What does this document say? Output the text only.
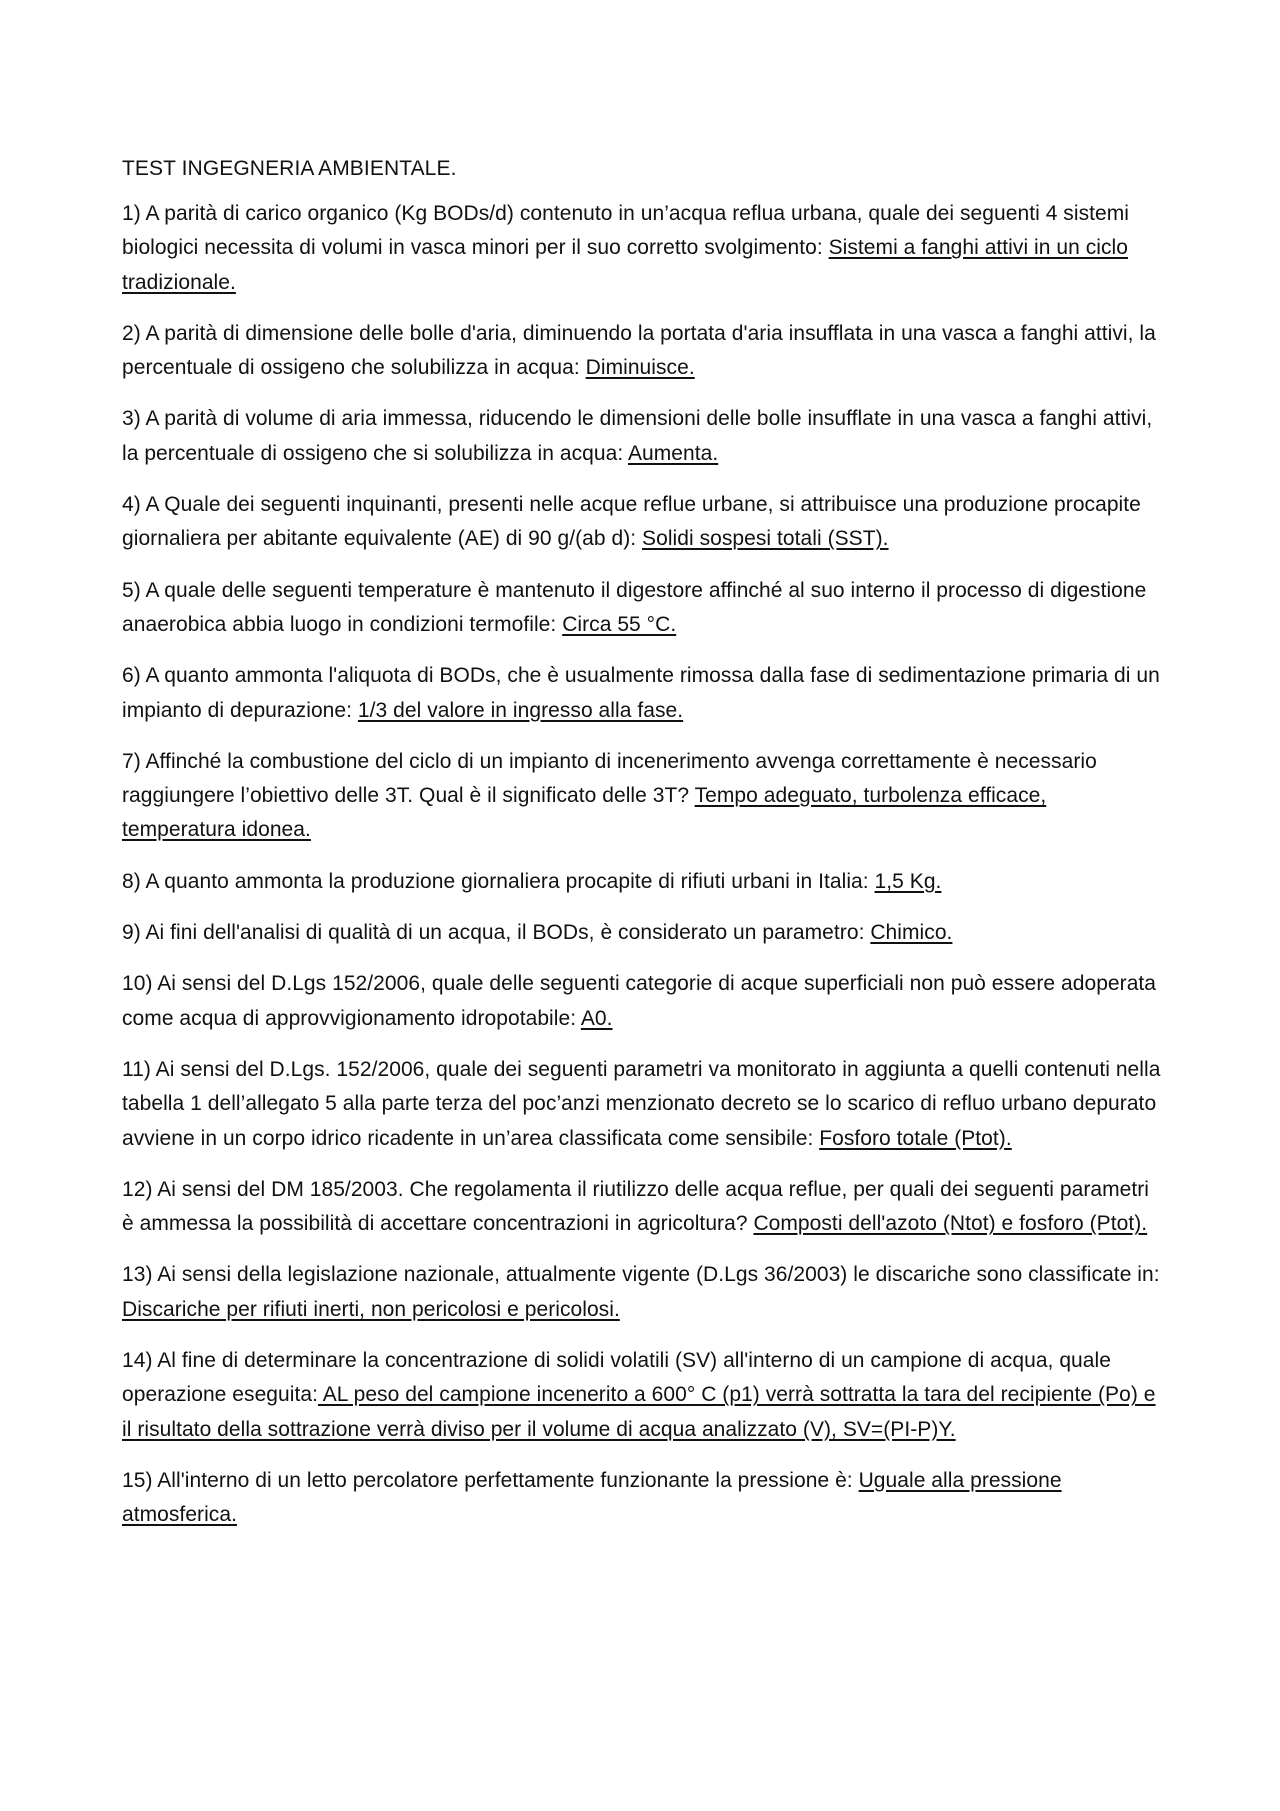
TEST INGEGNERIA AMBIENTALE.

1) A parità di carico organico (Kg BODs/d) contenuto in un’acqua reflua urbana, quale dei seguenti 4 sistemi biologici necessita di volumi in vasca minori per il suo corretto svolgimento: Sistemi a fanghi attivi in un ciclo tradizionale.

2) A parità di dimensione delle bolle d'aria, diminuendo la portata d'aria insufflata in una vasca a fanghi attivi, la percentuale di ossigeno che solubilizza in acqua: Diminuisce.

3) A parità di volume di aria immessa, riducendo le dimensioni delle bolle insufflate in una vasca a fanghi attivi, la percentuale di ossigeno che si solubilizza in acqua: Aumenta.

4) A Quale dei seguenti inquinanti, presenti nelle acque reflue urbane, si attribuisce una produzione procapite giornaliera per abitante equivalente (AE) di 90 g/(ab d): Solidi sospesi totali (SST).

5) A quale delle seguenti temperature è mantenuto il digestore affinché al suo interno il processo di digestione anaerobica abbia luogo in condizioni termofile: Circa 55 °C.

6) A quanto ammonta l'aliquota di BODs, che è usualmente rimossa dalla fase di sedimentazione primaria di un impianto di depurazione: 1/3 del valore in ingresso alla fase.

7) Affinché la combustione del ciclo di un impianto di incenerimento avvenga correttamente è necessario raggiungere l’obiettivo delle 3T. Qual è il significato delle 3T? Tempo adeguato, turbolenza efficace, temperatura idonea.

8) A quanto ammonta la produzione giornaliera procapite di rifiuti urbani in Italia: 1,5 Kg.

9) Ai fini dell'analisi di qualità di un acqua, il BODs, è considerato un parametro: Chimico.

10) Ai sensi del D.Lgs 152/2006, quale delle seguenti categorie di acque superficiali non può essere adoperata come acqua di approvvigionamento idropotabile: A0.

11) Ai sensi del D.Lgs. 152/2006, quale dei seguenti parametri va monitorato in aggiunta a quelli contenuti nella tabella 1 dell’allegato 5 alla parte terza del poc’anzi menzionato decreto se lo scarico di refluo urbano depurato avviene in un corpo idrico ricadente in un’area classificata come sensibile: Fosforo totale (Ptot).

12) Ai sensi del DM 185/2003. Che regolamenta il riutilizzo delle acqua reflue, per quali dei seguenti parametri è ammessa la possibilità di accettare concentrazioni in agricoltura? Composti dell'azoto (Ntot) e fosforo (Ptot).

13) Ai sensi della legislazione nazionale, attualmente vigente (D.Lgs 36/2003) le discariche sono classificate in: Discariche per rifiuti inerti, non pericolosi e pericolosi.

14) Al fine di determinare la concentrazione di solidi volatili (SV) all'interno di un campione di acqua, quale operazione eseguita: AL peso del campione incenerito a 600° C (p1) verrà sottratta la tara del recipiente (Po) e il risultato della sottrazione verrà diviso per il volume di acqua analizzato (V), SV=(PI-P)Y.

15) All'interno di un letto percolatore perfettamente funzionante la pressione è: Uguale alla pressione atmosferica.
